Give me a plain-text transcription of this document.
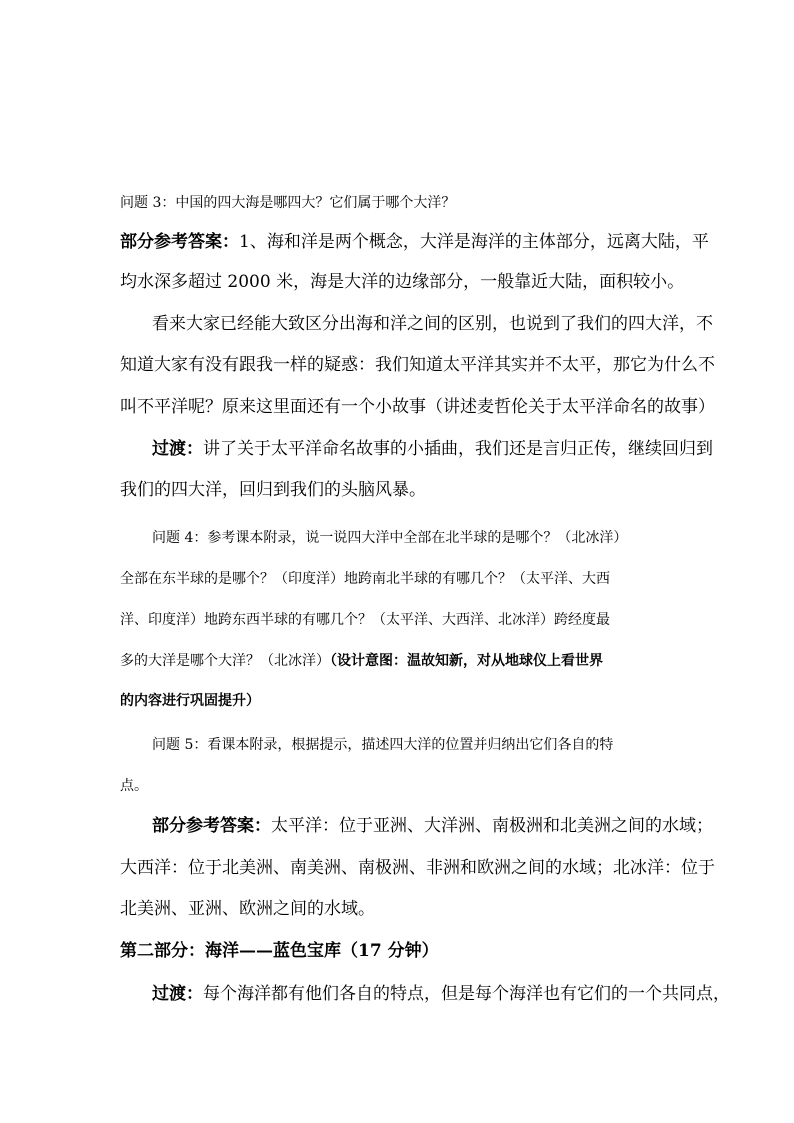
问题 3：中国的四大海是哪四大？它们属于哪个大洋？
部分参考答案：1、海和洋是两个概念，大洋是海洋的主体部分，远离大陆，平
均水深多超过 2000 米，海是大洋的边缘部分，一般靠近大陆，面积较小。
看来大家已经能大致区分出海和洋之间的区别，也说到了我们的四大洋，不
知道大家有没有跟我一样的疑惑：我们知道太平洋其实并不太平，那它为什么不
叫不平洋呢？原来这里面还有一个小故事（讲述麦哲伦关于太平洋命名的故事）
过渡：讲了关于太平洋命名故事的小插曲，我们还是言归正传，继续回归到
我们的四大洋，回归到我们的头脑风暴。
问题 4：参考课本附录，说一说四大洋中全部在北半球的是哪个？（北冰洋）
全部在东半球的是哪个？（印度洋）地跨南北半球的有哪几个？（太平洋、大西
洋、印度洋）地跨东西半球的有哪几个？（太平洋、大西洋、北冰洋）跨经度最
多的大洋是哪个大洋？（北冰洋）（设计意图：温故知新，对从地球仪上看世界
的内容进行巩固提升）
问题 5：看课本附录，根据提示，描述四大洋的位置并归纳出它们各自的特
点。
部分参考答案：太平洋：位于亚洲、大洋洲、南极洲和北美洲之间的水域；
大西洋：位于北美洲、南美洲、南极洲、非洲和欧洲之间的水域；北冰洋：位于
北美洲、亚洲、欧洲之间的水域。
第二部分：海洋——蓝色宝库（17 分钟）
过渡：每个海洋都有他们各自的特点，但是每个海洋也有它们的一个共同点，
